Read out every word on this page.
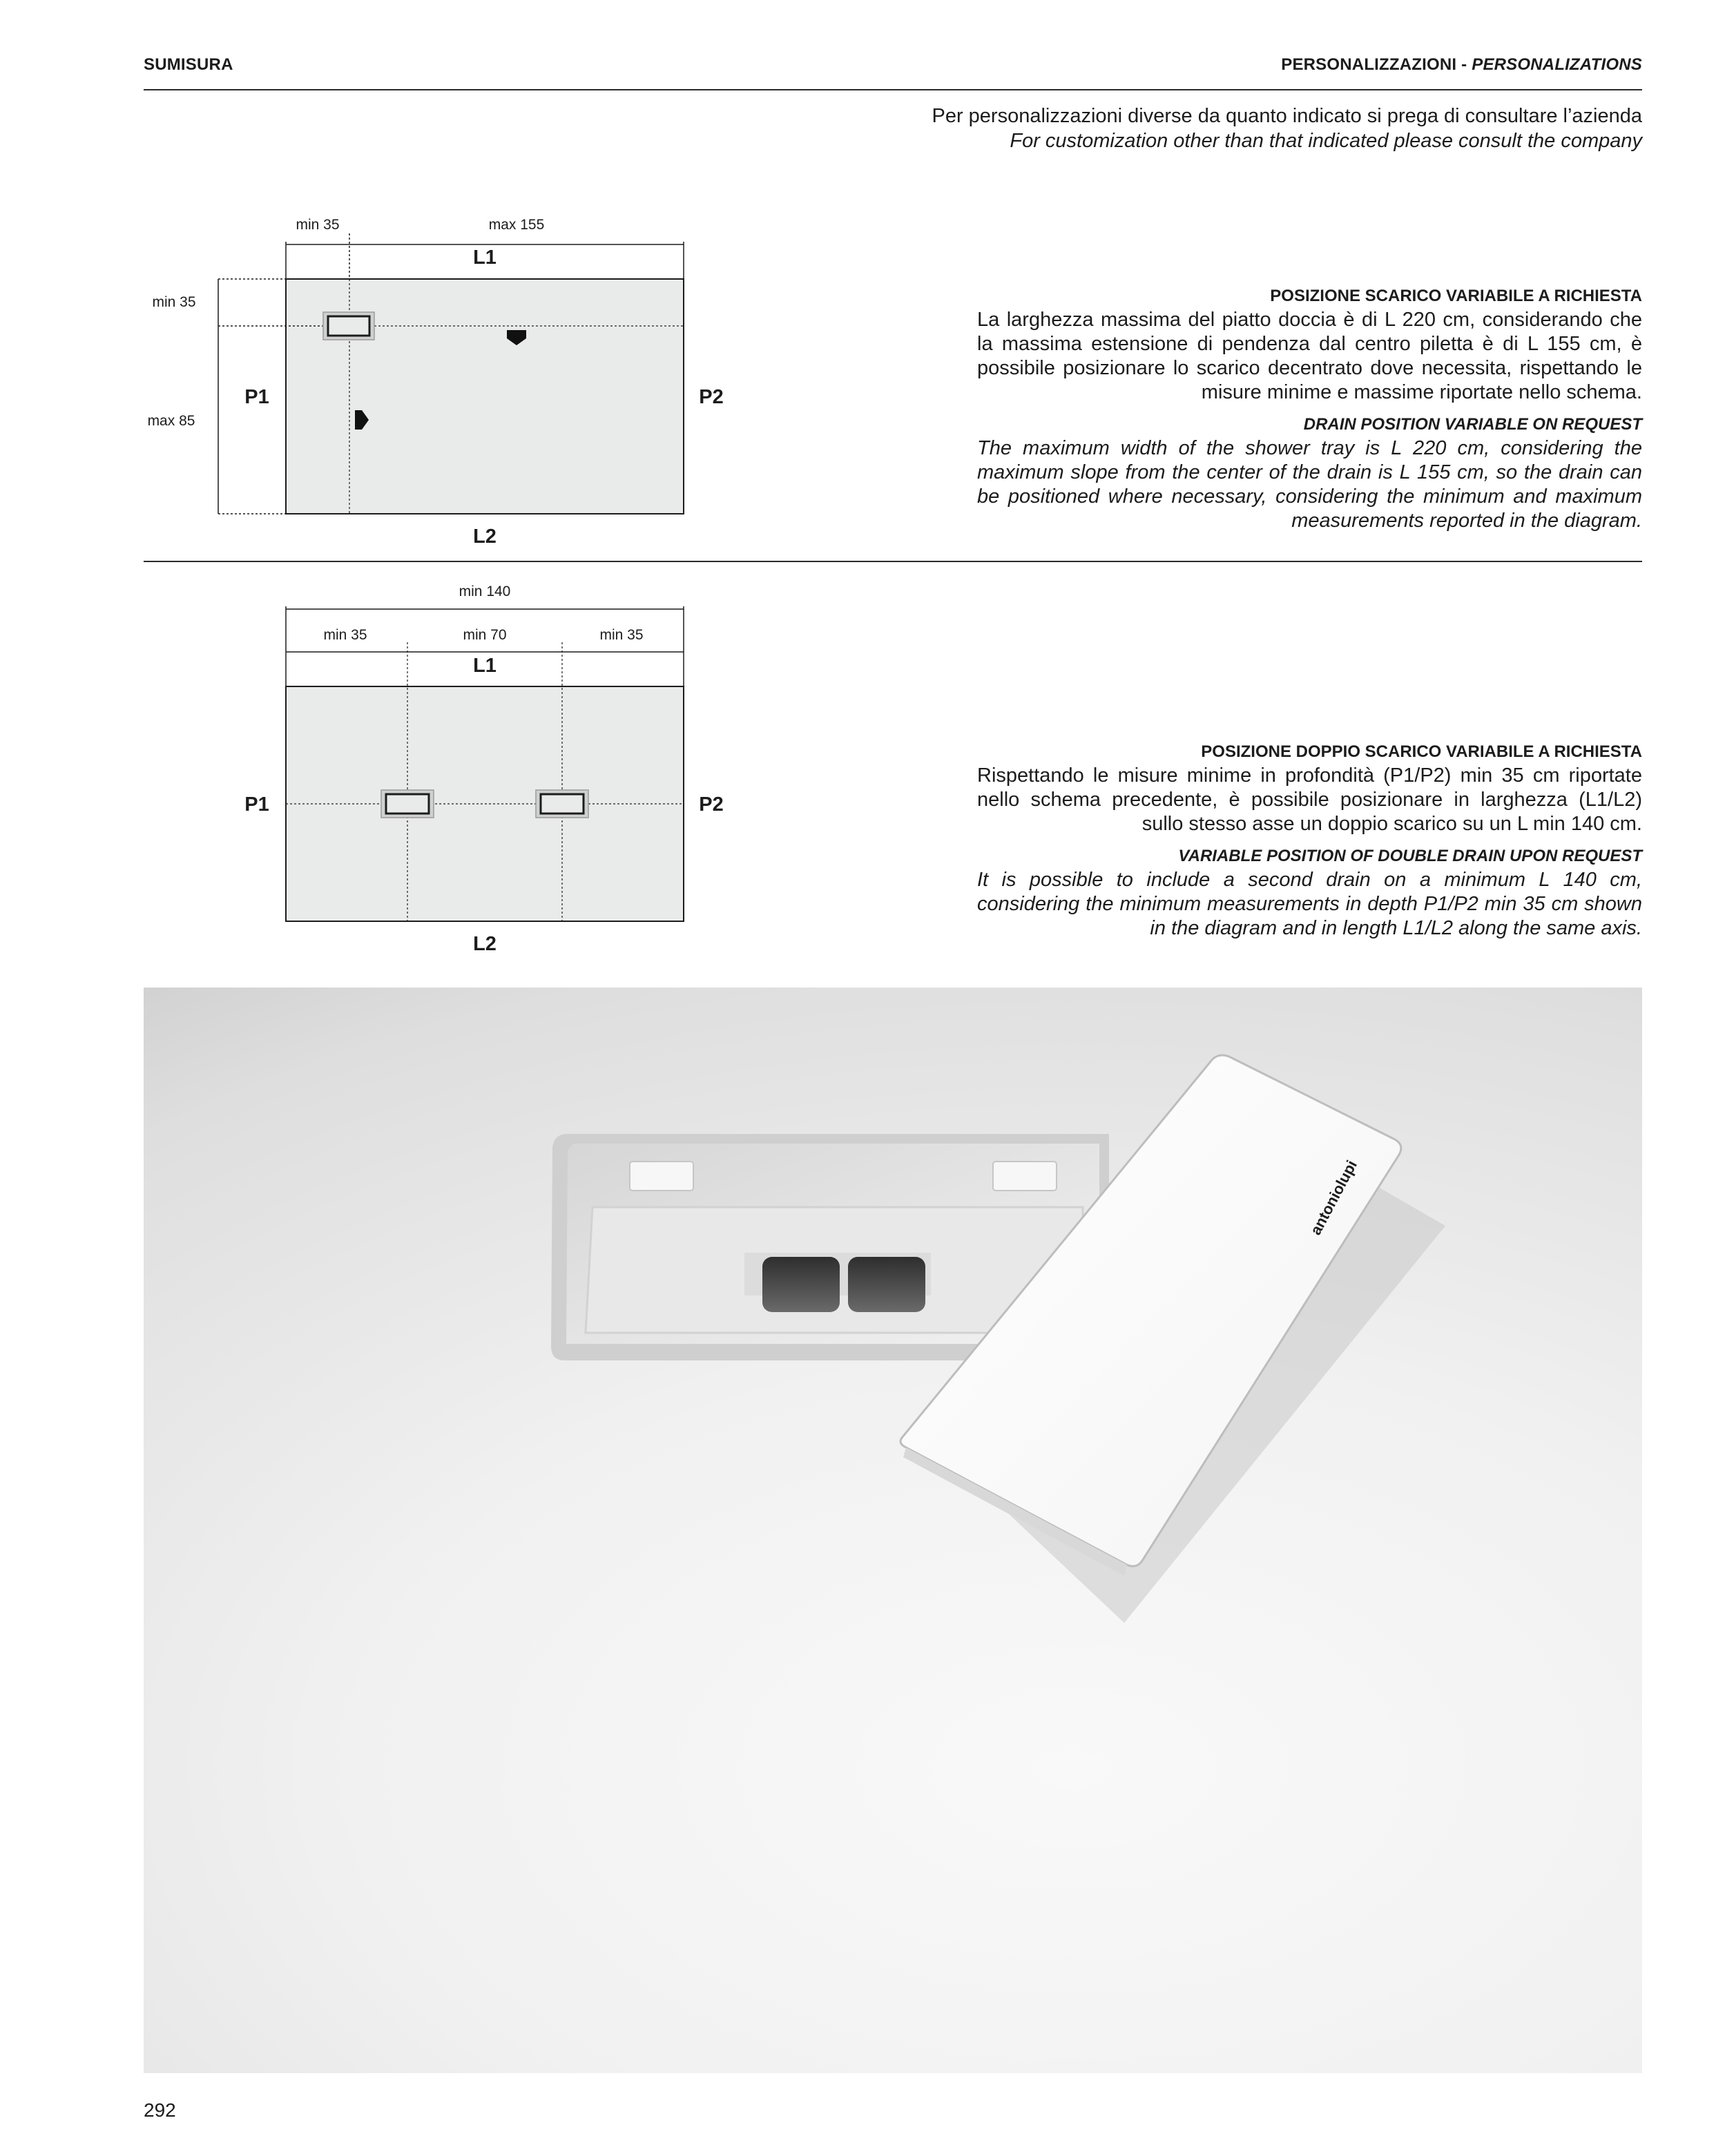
SUMISURA	PERSONALIZZAZIONI - PERSONALIZATIONS
Per personalizzazioni diverse da quanto indicato si prega di consultare l’azienda
For customization other than that indicated please consult the company
min 35	max 155
L1
L2
P1	P2
min 35
max 85
POSIZIONE SCARICO VARIABILE A RICHIESTA
La larghezza massima del piatto doccia è di L 220 cm, considerando che la massima estensione di pendenza dal centro piletta è di L 155 cm, è possibile posizionare lo scarico decentrato dove necessita, rispettando le misure minime e massime riportate nello schema.
DRAIN POSITION VARIABLE ON REQUEST
The maximum width of the shower tray is L 220 cm, considering the maximum slope from the center of the drain is L 155 cm, so the drain can be positioned where necessary, considering the minimum and maximum measurements reported in the diagram.
min 140
min 35	min 70	min 35
L1
L2
P1	P2
POSIZIONE DOPPIO SCARICO VARIABILE A RICHIESTA
Rispettando le misure minime in profondità (P1/P2) min 35 cm riportate nello schema precedente, è possibile posizionare in larghezza (L1/L2) sullo stesso asse un doppio scarico su un L min 140 cm.
VARIABLE POSITION OF DOUBLE DRAIN UPON REQUEST
It is possible to include a second drain on a minimum L 140 cm, considering the minimum measurements in depth P1/P2 min 35 cm shown in the diagram and in length L1/L2 along the same axis.
antoniolupi
292
